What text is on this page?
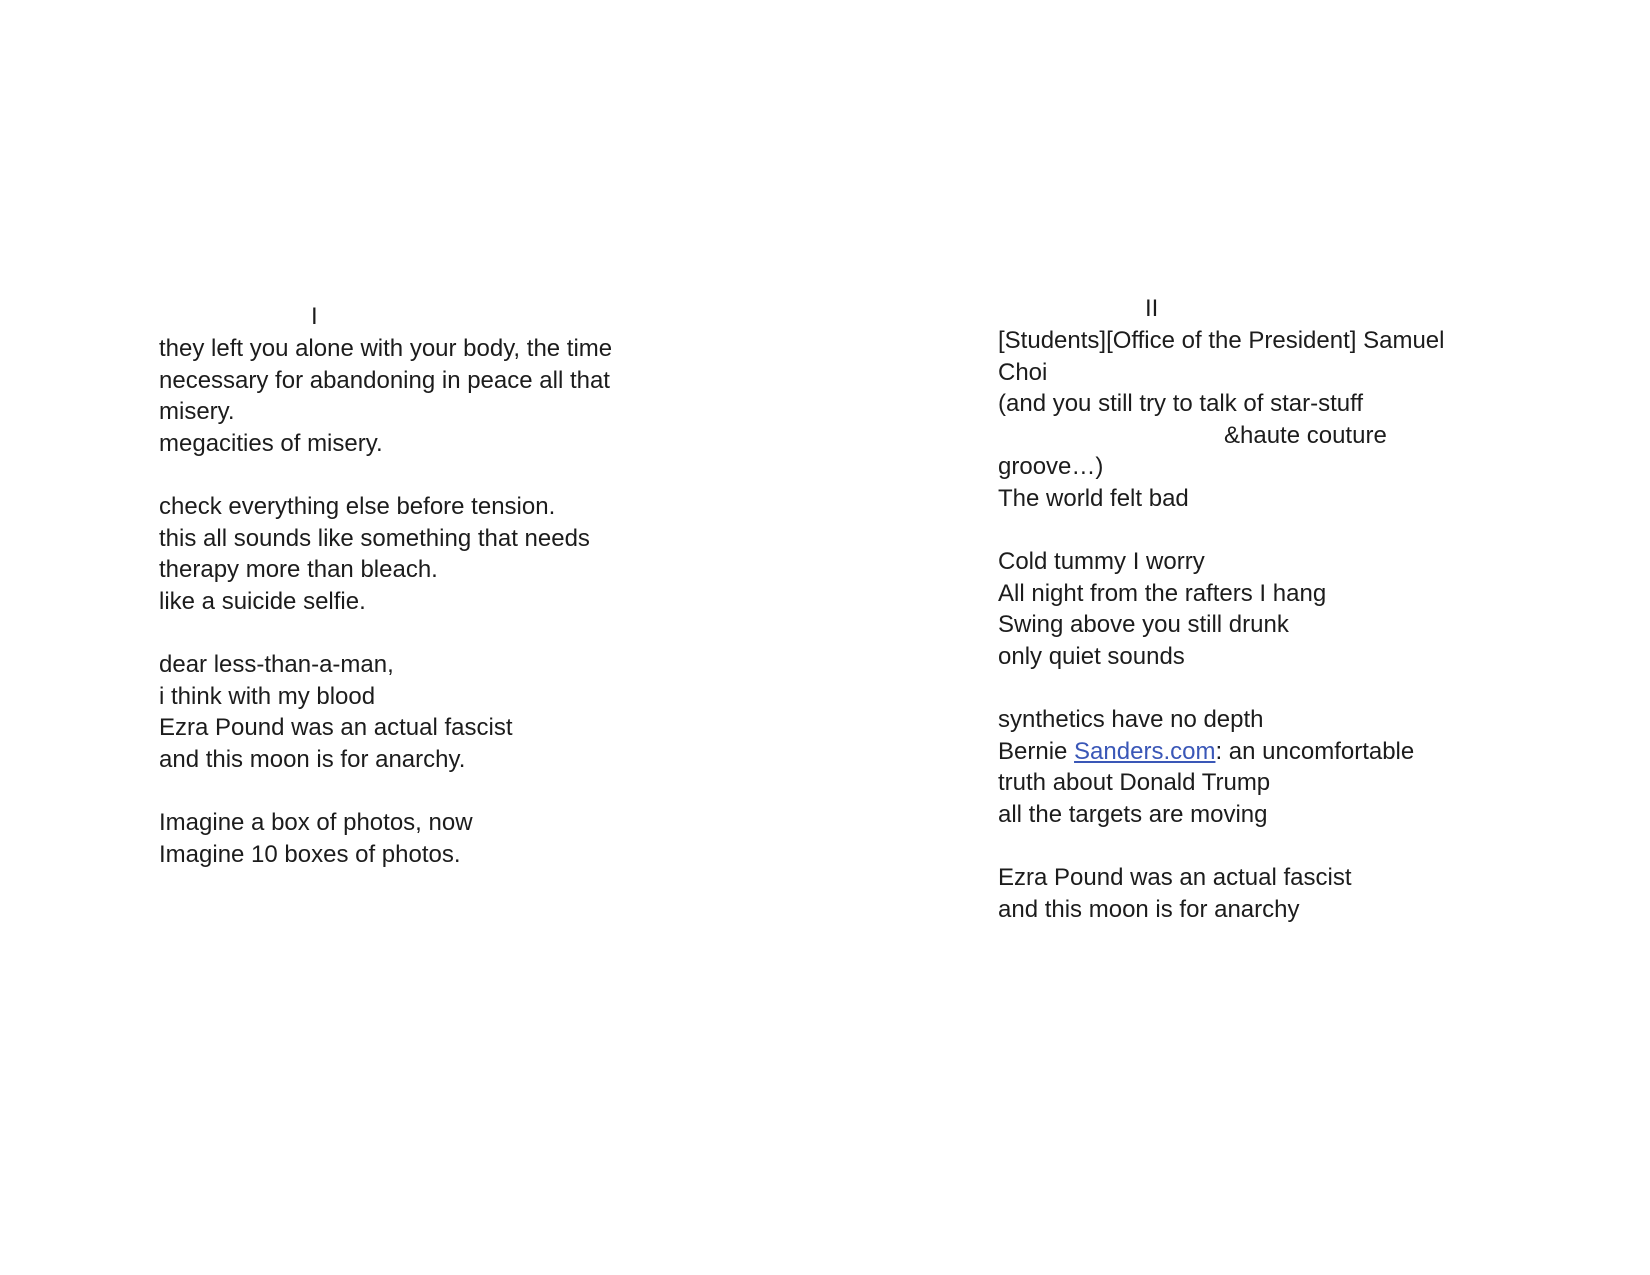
I

they left you alone with your body, the time
necessary for abandoning in peace all that
misery.
megacities of misery.

check everything else before tension.
this all sounds like something that needs
therapy more than bleach.
like a suicide selfie.

dear less-than-a-man,
i think with my blood
Ezra Pound was an actual fascist
and this moon is for anarchy.

Imagine a box of photos, now
Imagine 10 boxes of photos.

II

[Students][Office of the President] Samuel
Choi
(and you still try to talk of star-stuff
&haute couture
groove…)
The world felt bad

Cold tummy I worry
All night from the rafters I hang
Swing above you still drunk
only quiet sounds

synthetics have no depth
Bernie Sanders.com: an uncomfortable
truth about Donald Trump
all the targets are moving

Ezra Pound was an actual fascist
and this moon is for anarchy
